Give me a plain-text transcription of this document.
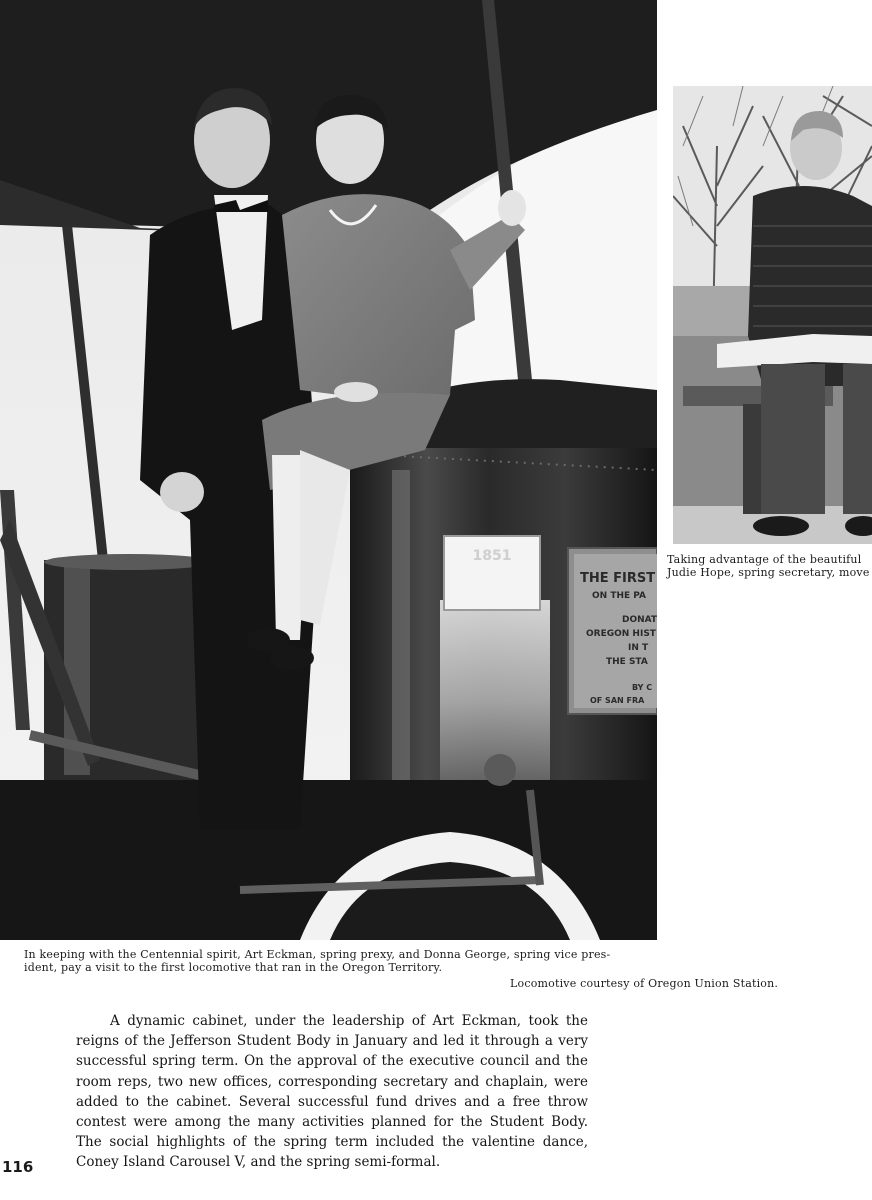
1851
THE FIRST
ON THE PA
DONAT
OREGON HIST
IN T
THE STA
BY C
OF SAN FRA
Taking advantage of the beautiful
Judie Hope, spring secretary, move
In keeping with the Centennial spirit, Art Eckman, spring prexy, and Donna George, spring vice pres-
ident, pay a visit to the first locomotive that ran in the Oregon Territory.
Locomotive courtesy of Oregon Union Station.

A dynamic cabinet, under the leadership of Art Eckman, took the reigns of the Jefferson Student Body in January and led it through a very successful spring term. On the approval of the executive council and the room reps, two new offices, corresponding secretary and chaplain, were added to the cabinet. Several successful fund drives and a free throw contest were among the many activities planned for the Student Body. The social highlights of the spring term included the valentine dance, Coney Island Carousel V, and the spring semi-formal.

116
